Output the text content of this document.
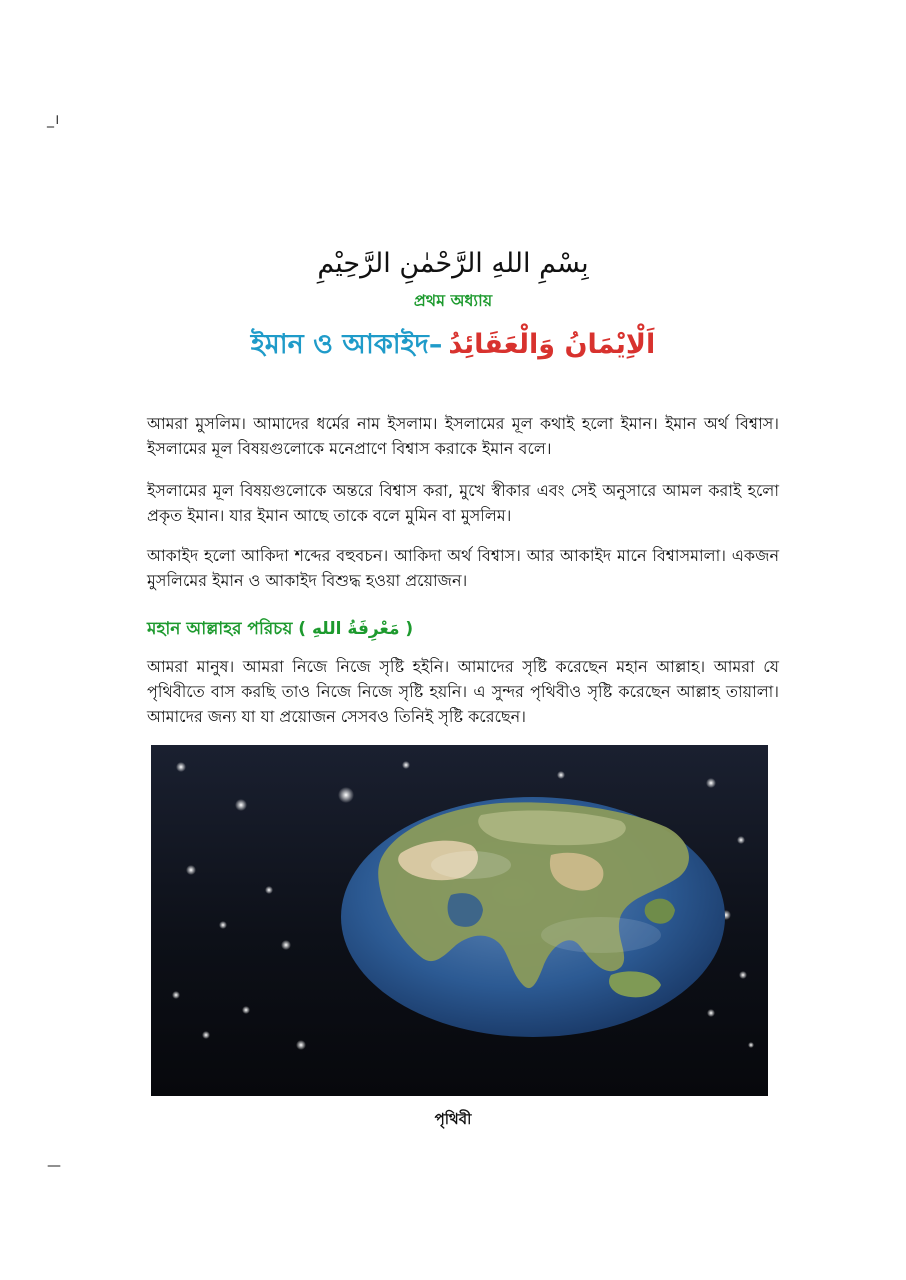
_।
بِسْمِ اللهِ الرَّحْمٰنِ الرَّحِيْمِ
প্রথম অধ্যায়
ইমান ও আকাইদ– اَلْاِيْمَانُ وَالْعَقَائِدُ
আমরা মুসলিম। আমাদের ধর্মের নাম ইসলাম। ইসলামের মূল কথাই হলো ইমান। ইমান অর্থ বিশ্বাস। ইসলামের মূল বিষয়গুলোকে মনেপ্রাণে বিশ্বাস করাকে ইমান বলে।
ইসলামের মূল বিষয়গুলোকে অন্তরে বিশ্বাস করা, মুখে স্বীকার এবং সেই অনুসারে আমল করাই হলো প্রকৃত ইমান। যার ইমান আছে তাকে বলে মুমিন বা মুসলিম।
আকাইদ হলো আকিদা শব্দের বহুবচন। আকিদা অর্থ বিশ্বাস। আর আকাইদ মানে বিশ্বাসমালা। একজন মুসলিমের ইমান ও আকাইদ বিশুদ্ধ হওয়া প্রয়োজন।
মহান আল্লাহর পরিচয় ( مَعْرِفَةُ اللهِ )
আমরা মানুষ। আমরা নিজে নিজে সৃষ্টি হইনি। আমাদের সৃষ্টি করেছেন মহান আল্লাহ। আমরা যে পৃথিবীতে বাস করছি তাও নিজে নিজে সৃষ্টি হয়নি। এ সুন্দর পৃথিবীও সৃষ্টি করেছেন আল্লাহ তায়ালা। আমাদের জন্য যা যা প্রয়োজন সেসবও তিনিই সৃষ্টি করেছেন।
পৃথিবী
—
